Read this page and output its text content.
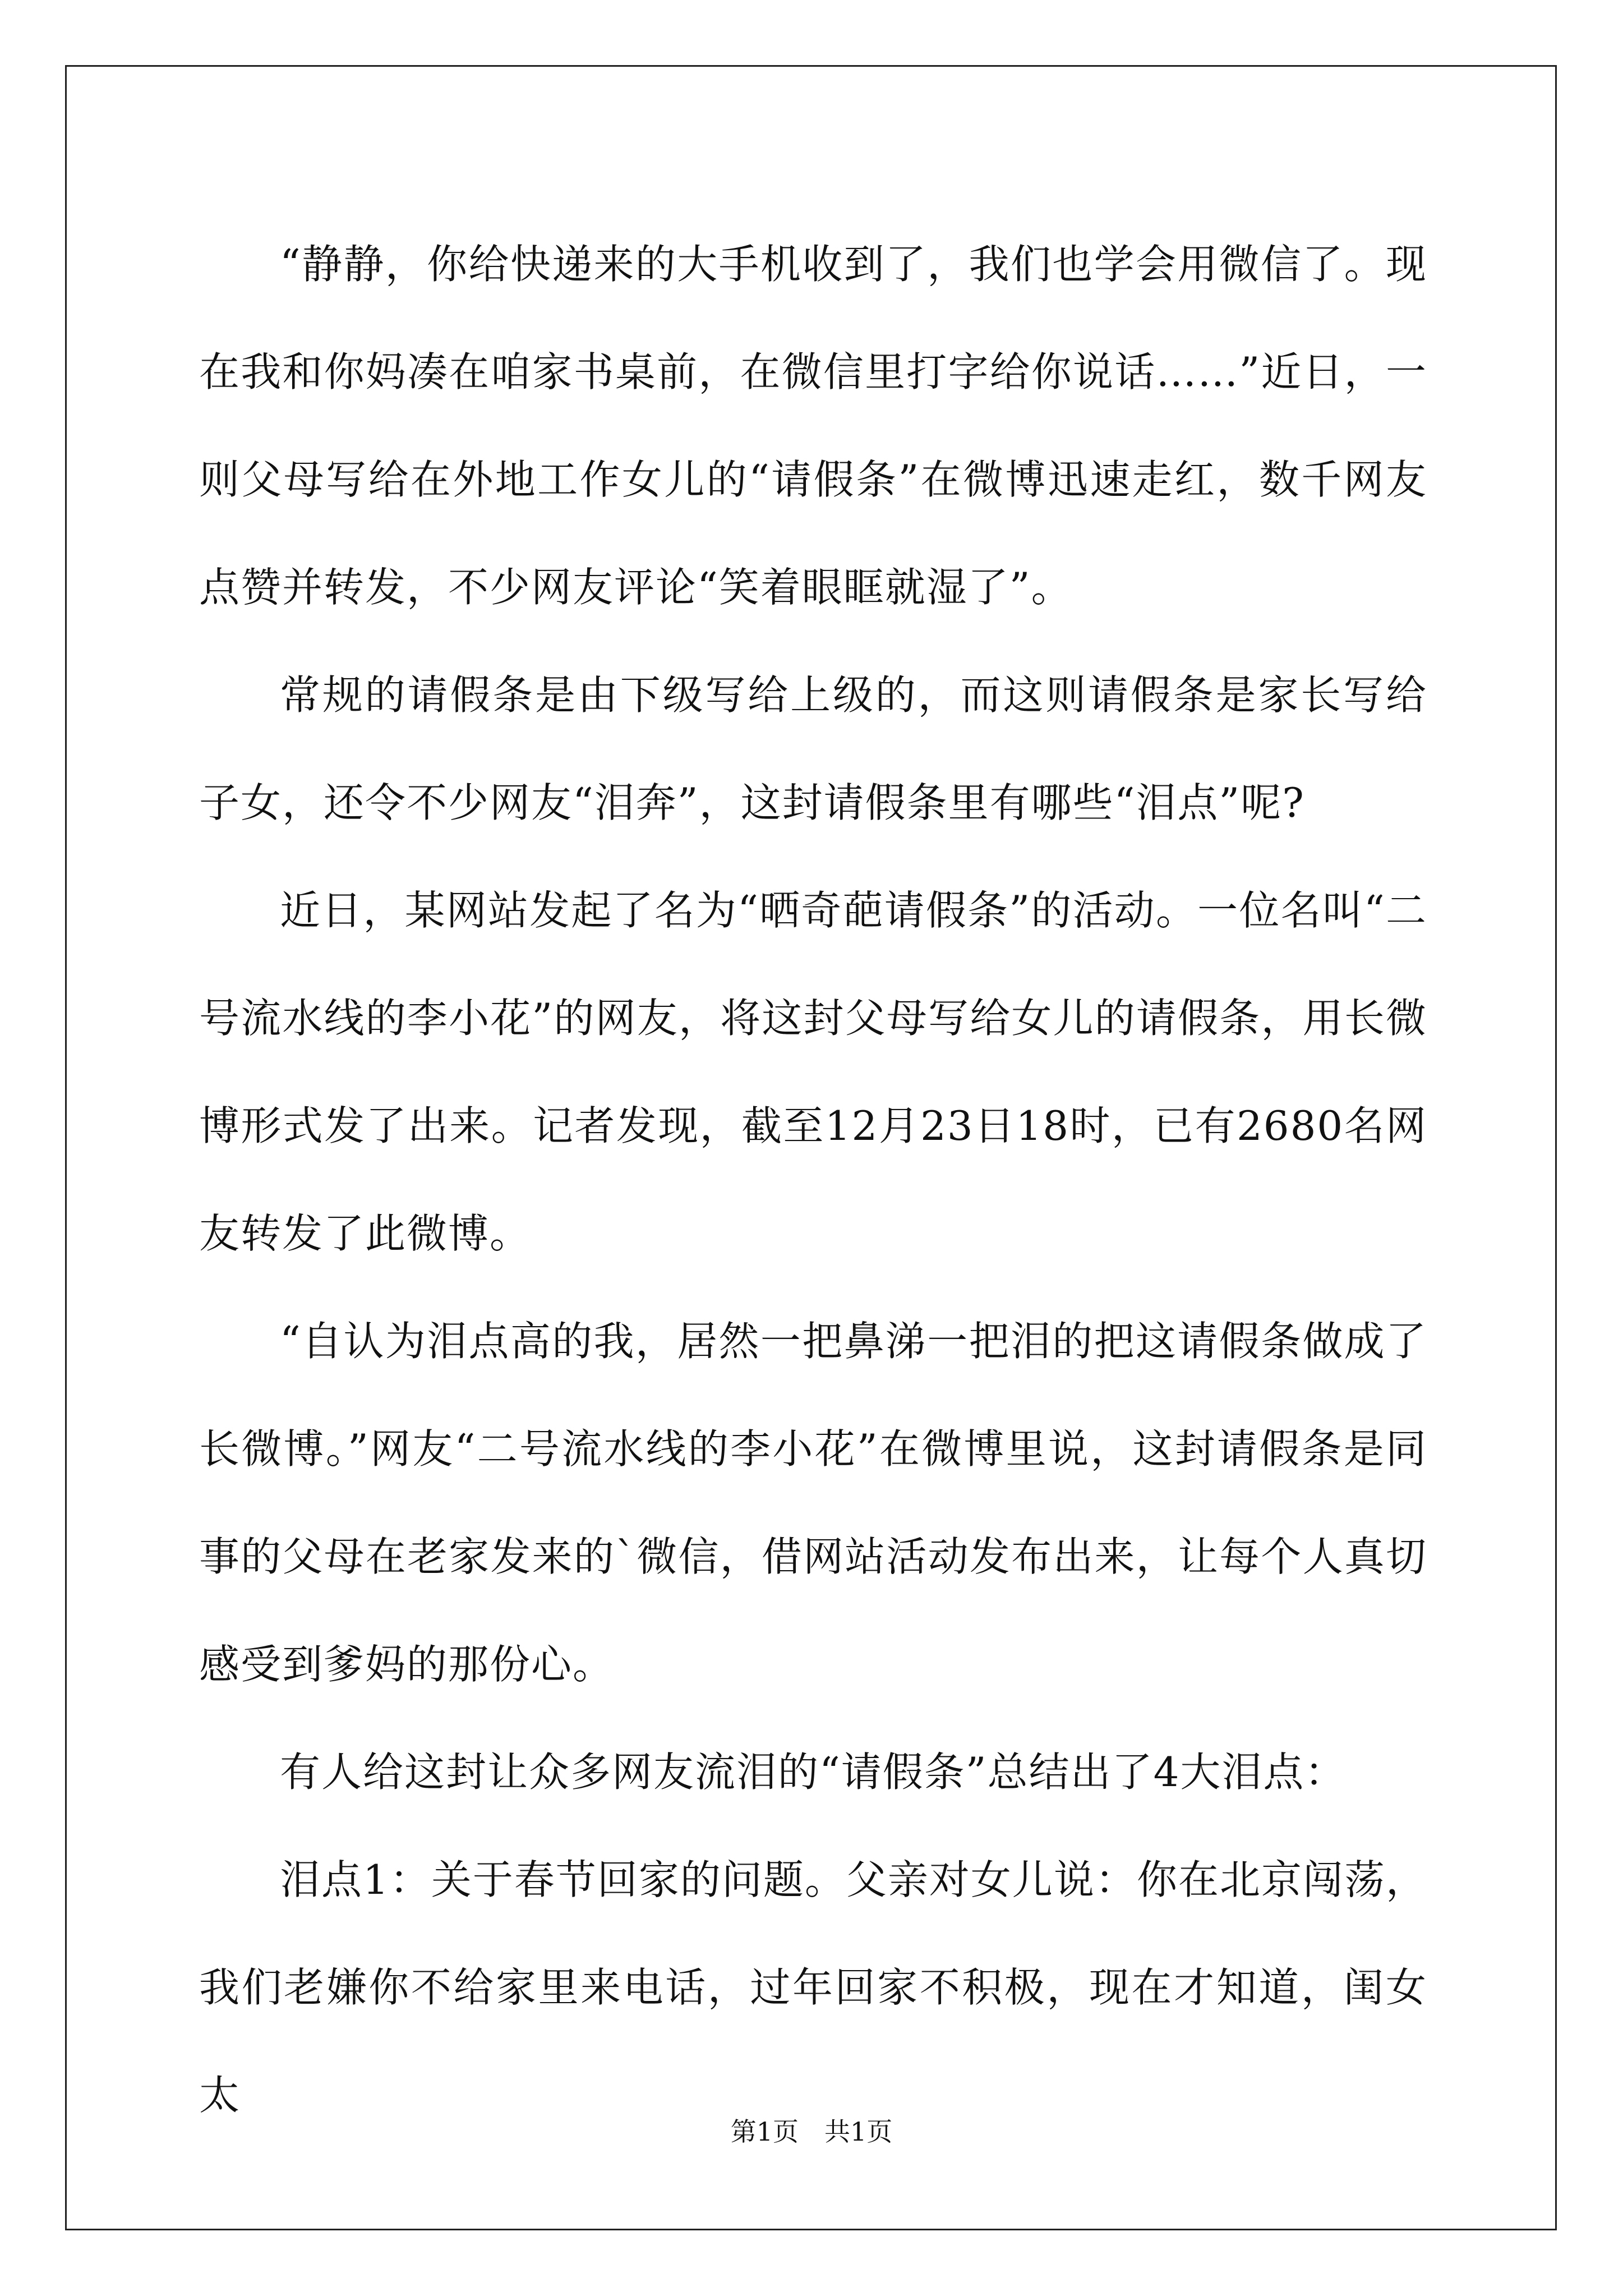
“静静，你给快递来的大手机收到了，我们也学会用微信了。现在我和你妈凑在咱家书桌前，在微信里打字给你说话……”近日，一则父母写给在外地工作女儿的“请假条”在微博迅速走红，数千网友点赞并转发，不少网友评论“笑着眼眶就湿了”。

常规的请假条是由下级写给上级的，而这则请假条是家长写给子女，还令不少网友“泪奔”，这封请假条里有哪些“泪点”呢?

近日，某网站发起了名为“晒奇葩请假条”的活动。一位名叫“二号流水线的李小花”的网友，将这封父母写给女儿的请假条，用长微博形式发了出来。记者发现，截至12月23日18时，已有2680名网友转发了此微博。

“自认为泪点高的我，居然一把鼻涕一把泪的把这请假条做成了长微博。”网友“二号流水线的李小花”在微博里说，这封请假条是同事的父母在老家发来的`微信，借网站活动发布出来，让每个人真切感受到爹妈的那份心。

有人给这封让众多网友流泪的“请假条”总结出了4大泪点：

泪点1：关于春节回家的问题。父亲对女儿说：你在北京闯荡，我们老嫌你不给家里来电话，过年回家不积极，现在才知道，闺女太

第1页 共1页
